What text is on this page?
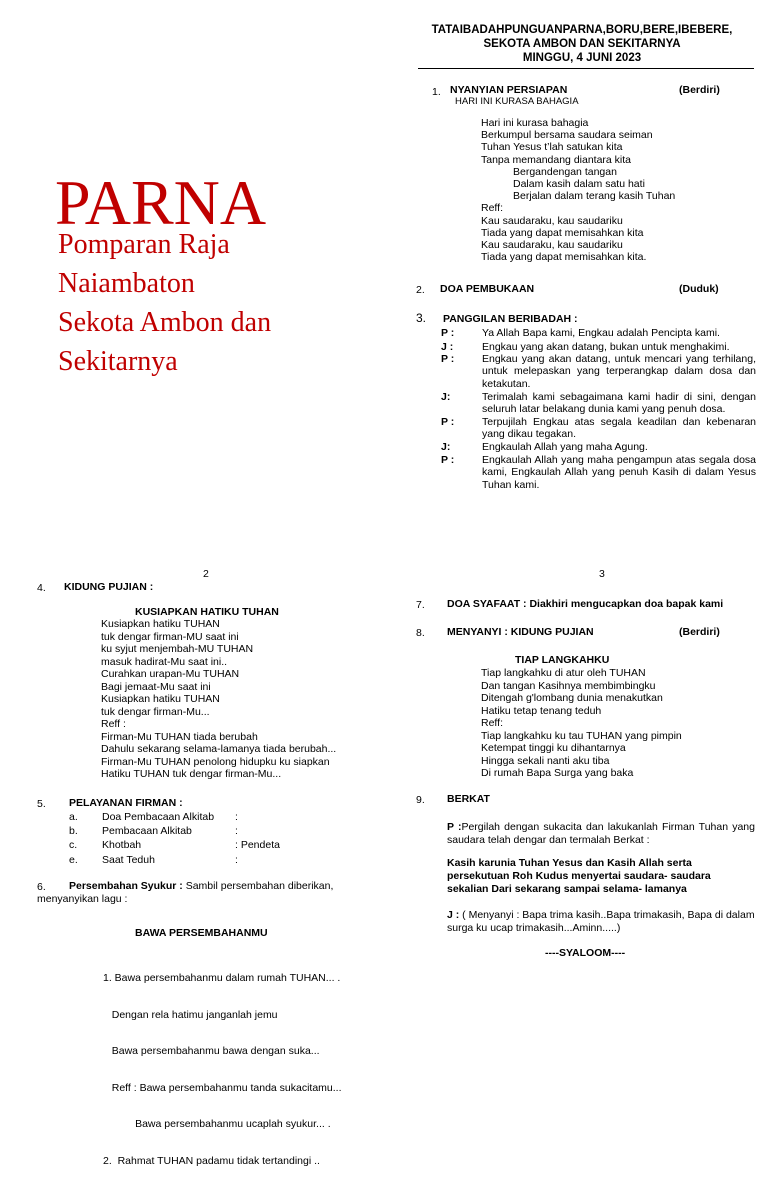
PARNA
Pomparan Raja
Naiambaton
Sekota Ambon dan
Sekitarnya
TATAIBADAHPUNGUANPARNA,BORU,BERE,IBEBERE,
SEKOTA AMBON DAN SEKITARNYA
MINGGU, 4 JUNI 2023
1. NYANYIAN PERSIAPAN	(Berdiri)
HARI INI KURASA BAHAGIA
Hari ini kurasa bahagia
Berkumpul bersama saudara seiman
Tuhan Yesus t’lah satukan kita
Tanpa memandang diantara kita
Bergandengan tangan
Dalam kasih dalam satu hati
Berjalan dalam terang kasih Tuhan
Reff:
Kau saudaraku, kau saudariku
Tiada yang dapat memisahkan kita
Kau saudaraku, kau saudariku
Tiada yang dapat memisahkan kita.
2. DOA PEMBUKAAN	(Duduk)
3. PANGGILAN BERIBADAH :
P :	Ya Allah Bapa kami, Engkau adalah Pencipta kami.
J :	Engkau yang akan datang, bukan untuk menghakimi.
P :	Engkau yang akan datang, untuk mencari yang terhilang, untuk melepaskan yang terperangkap dalam dosa dan ketakutan.
J:	Terimalah kami sebagaimana kami hadir di sini, dengan seluruh latar belakang dunia kami yang penuh dosa.
P :	Terpujilah Engkau atas segala keadilan dan kebenaran yang dikau tegakan.
J:	Engkaulah Allah yang maha Agung.
P :	Engkaulah Allah yang maha pengampun atas segala dosa kami, Engkaulah Allah yang penuh Kasih di dalam Yesus Tuhan kami.
2	3
4. KIDUNG PUJIAN :
KUSIAPKAN HATIKU TUHAN
Kusiapkan hatiku TUHAN
tuk dengar firman-MU saat ini
ku syjut menjembah-MU TUHAN
masuk hadirat-Mu saat ini..
Curahkan urapan-Mu TUHAN
Bagi jemaat-Mu saat ini
Kusiapkan hatiku TUHAN
tuk dengar firman-Mu...
Reff :
Firman-Mu TUHAN tiada berubah
Dahulu sekarang selama-lamanya tiada berubah...
Firman-Mu TUHAN penolong hidupku ku siapkan
Hatiku TUHAN tuk dengar firman-Mu...
5. PELAYANAN FIRMAN :
a. Doa Pembacaan Alkitab :
b. Pembacaan Alkitab	:
c. Khotbah	: Pendeta
e. Saat Teduh	:
6. Persembahan Syukur : Sambil persembahan diberikan,
menyanyikan lagu :
BAWA PERSEMBAHANMU

1. Bawa persembahanmu dalam rumah TUHAN... .

Dengan rela hatimu janganlah jemu

Bawa persembahanmu bawa dengan suka...

Reff : Bawa persembahanmu tanda sukacitamu...

Bawa persembahanmu ucaplah syukur... .

2.  Rahmat TUHAN padamu tidak tertandingi ..

7. DOA SYAFAAT : Diakhiri mengucapkan doa bapak kami
8. MENYANYI : KIDUNG PUJIAN	(Berdiri)
TIAP LANGKAHKU
Tiap langkahku di atur oleh TUHAN
Dan tangan Kasihnya membimbingku
Ditengah g'lombang dunia menakutkan
Hatiku tetap tenang teduh
Reff:
Tiap langkahku ku tau TUHAN yang pimpin
Ketempat tinggi ku dihantarnya
Hingga sekali nanti aku tiba
Di rumah Bapa Surga yang baka
9. BERKAT
P :Pergilah dengan sukacita dan lakukanlah Firman Tuhan yang saudara telah dengar dan termalah Berkat :
Kasih karunia Tuhan Yesus dan Kasih Allah serta persekutuan Roh Kudus menyertai saudara- saudara sekalian Dari sekarang sampai selama- lamanya
J : ( Menyanyi : Bapa trima kasih..Bapa trimakasih, Bapa di dalam surga ku ucap trimakasih...Aminn.....)
----SYALOOM----
